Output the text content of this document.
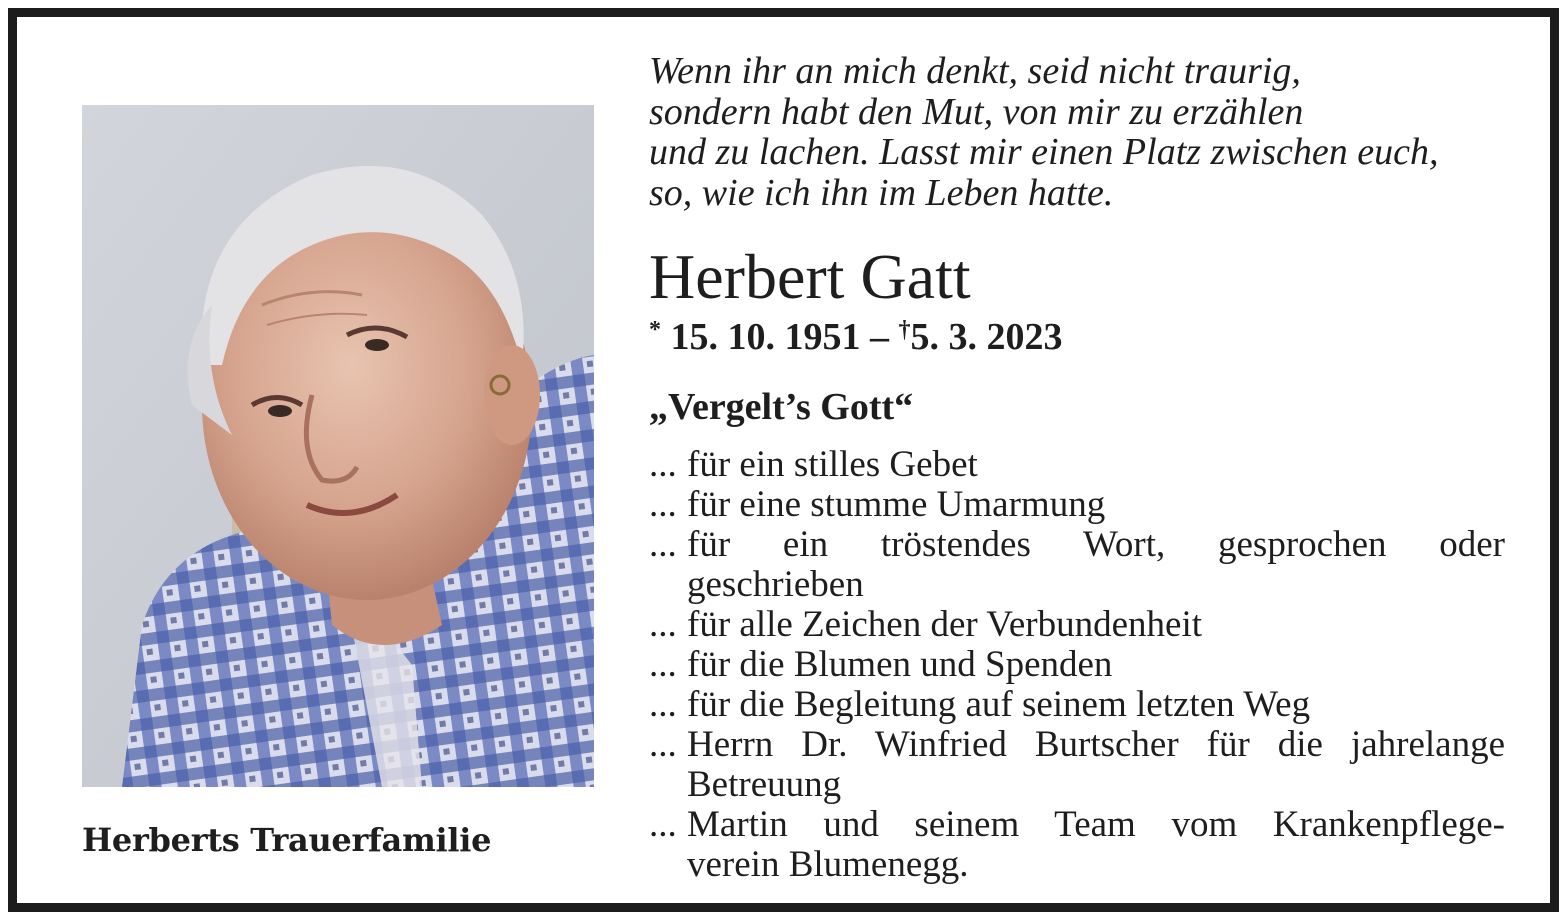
Herberts Trauerfamilie
Wenn ihr an mich denkt, seid nicht traurig,
sondern habt den Mut, von mir zu erzählen
und zu lachen. Lasst mir einen Platz zwischen euch,
so, wie ich ihn im Leben hatte.
Herbert Gatt
* 15. 10. 1951 – †5. 3. 2023
„Vergelt’s Gott“
... für ein stilles Gebet
... für eine stumme Umarmung
... für ein tröstendes Wort, gesprochen oder
geschrieben
... für alle Zeichen der Verbundenheit
... für die Blumen und Spenden
... für die Begleitung auf seinem letzten Weg
... Herrn Dr. Winfried Burtscher für die jahrelange
Betreuung
... Martin und seinem Team vom Krankenpflege-
verein Blumenegg.
